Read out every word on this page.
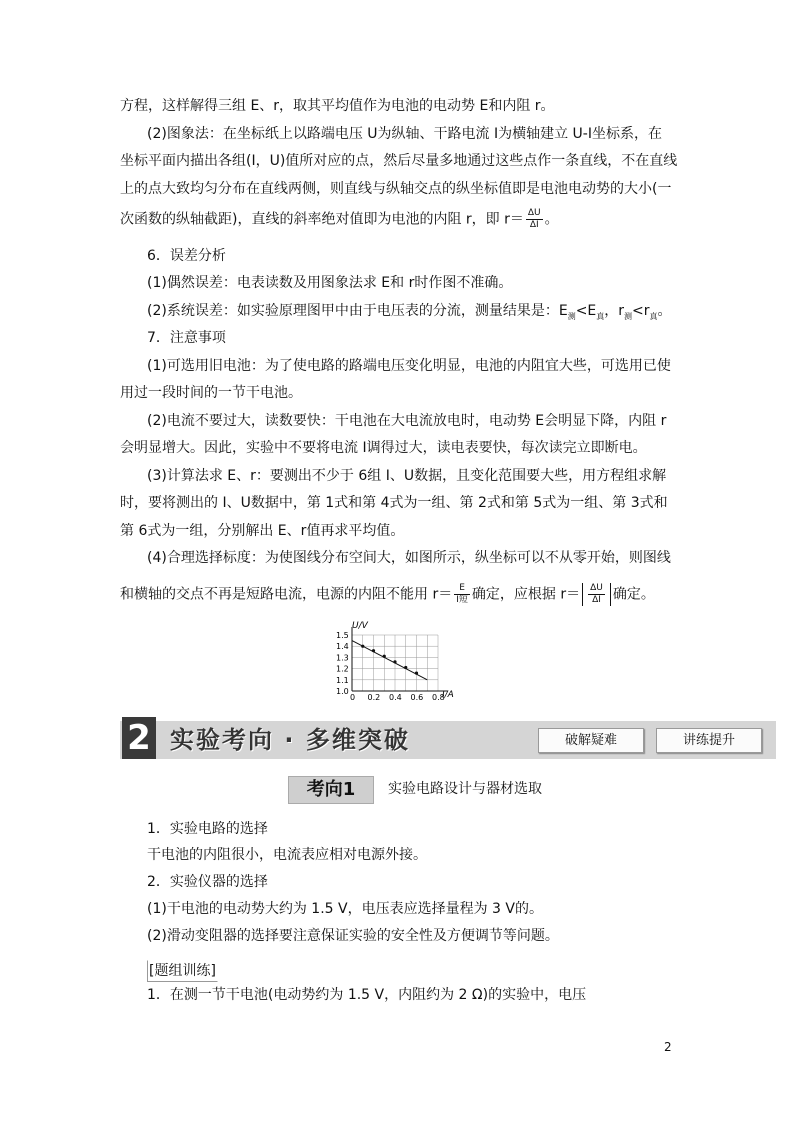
方程，这样解得三组 E、r，取其平均值作为电池的电动势 E和内阻 r。
(2)图象法：在坐标纸上以路端电压 U为纵轴、干路电流 I为横轴建立 U-I坐标系，在
坐标平面内描出各组(I，U)值所对应的点，然后尽量多地通过这些点作一条直线，不在直线
上的点大致均匀分布在直线两侧，则直线与纵轴交点的纵坐标值即是电池电动势的大小(一
次函数的纵轴截距)，直线的斜率绝对值即为电池的内阻 r，即 $r= \frac{\Delta U}{\Delta I}$ 。
6．误差分析
(1)偶然误差：电表读数及用图象法求 E和 r时作图不准确。
(2)系统误差：如实验原理图甲中由于电压表的分流，测量结果是：$E_测<E_真$，$r_测<r_真$。
7．注意事项
(1)可选用旧电池：为了使电路的路端电压变化明显，电池的内阻宜大些，可选用已使
用过一段时间的一节干电池。
(2)电流不要过大，读数要快：干电池在大电流放电时，电动势 E会明显下降，内阻 r
会明显增大。因此，实验中不要将电流 I调得过大，读电表要快，每次读完立即断电。
(3)计算法求 E、r：要测出不少于 6组 I、U数据，且变化范围要大些，用方程组求解
时，要将测出的 I、U数据中，第 1式和第 4式为一组、第 2式和第 5式为一组、第 3式和
第 6式为一组，分别解出 E、r值再求平均值。
(4)合理选择标度：为使图线分布空间大，如图所示，纵坐标可以不从零开始，则图线
和横轴的交点不再是短路电流，电源的内阻不能用 $r= \frac{E}{\text{I短}}$ 确定，应根据 $r= \frac{\Delta U}{\Delta I}$ 确定。
U/V
I/A
0 0.2 0.4 0.6 0.8
1.0
1.1
1.2
1.3
1.4
1.5
2 实验考向 · 多维突破	破解疑难	讲练提升
考向1	实验电路设计与器材选取
1．实验电路的选择
干电池的内阻很小，电流表应相对电源外接。
2．实验仪器的选择
(1)干电池的电动势大约为 1.5 V，电压表应选择量程为 3 V的。
(2)滑动变阻器的选择要注意保证实验的安全性及方便调节等问题。
[题组训练]
1．在测一节干电池(电动势约为 1.5 V，内阻约为 2 Ω)的实验中，电压
2
